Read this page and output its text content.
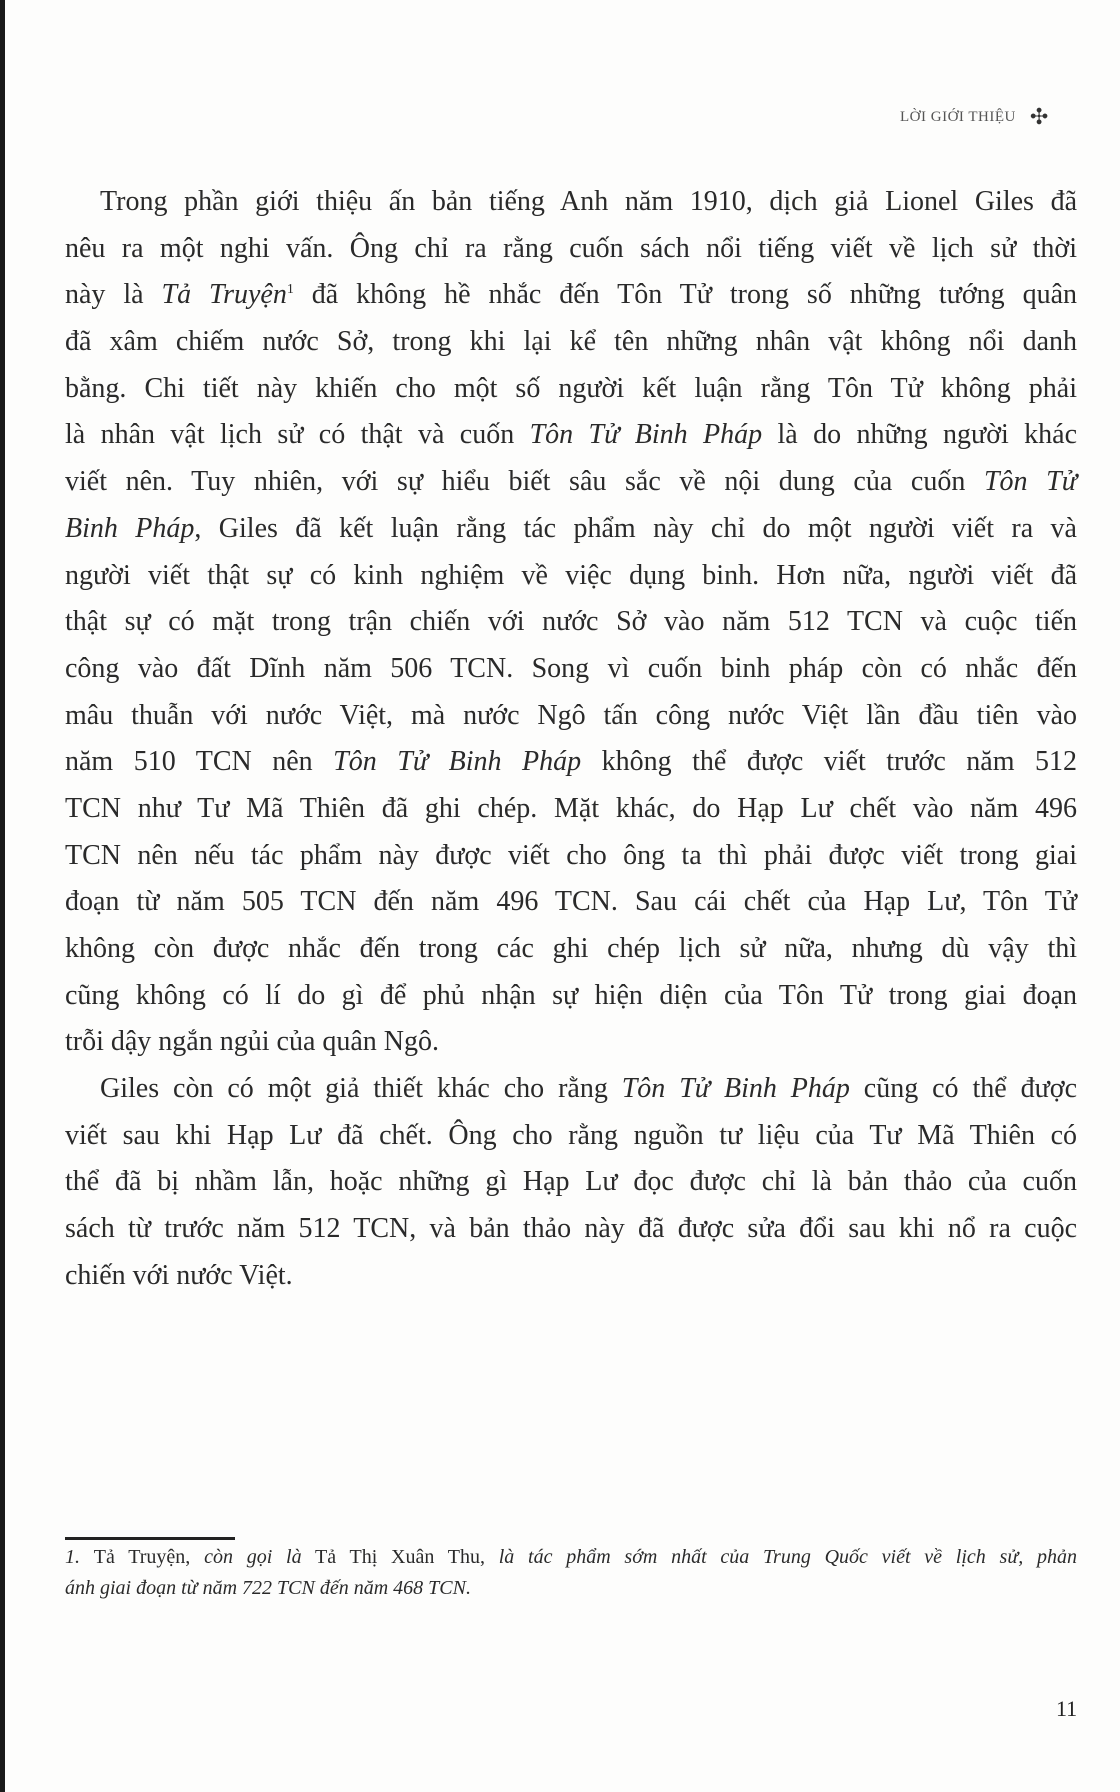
LỜI GIỚI THIỆU ✣
Trong phần giới thiệu ấn bản tiếng Anh năm 1910, dịch giả Lionel Giles đã
nêu ra một nghi vấn. Ông chỉ ra rằng cuốn sách nổi tiếng viết về lịch sử thời
này là Tả Truyện$^1$ đã không hề nhắc đến Tôn Tử trong số những tướng quân
đã xâm chiếm nước Sở, trong khi lại kể tên những nhân vật không nổi danh
bằng. Chi tiết này khiến cho một số người kết luận rằng Tôn Tử không phải
là nhân vật lịch sử có thật và cuốn Tôn Tử Binh Pháp là do những người khác
viết nên. Tuy nhiên, với sự hiểu biết sâu sắc về nội dung của cuốn Tôn Tử
Binh Pháp, Giles đã kết luận rằng tác phẩm này chỉ do một người viết ra và
người viết thật sự có kinh nghiệm về việc dụng binh. Hơn nữa, người viết đã
thật sự có mặt trong trận chiến với nước Sở vào năm 512 TCN và cuộc tiến
công vào đất Dĩnh năm 506 TCN. Song vì cuốn binh pháp còn có nhắc đến
mâu thuẫn với nước Việt, mà nước Ngô tấn công nước Việt lần đầu tiên vào
năm 510 TCN nên Tôn Tử Binh Pháp không thể được viết trước năm 512
TCN như Tư Mã Thiên đã ghi chép. Mặt khác, do Hạp Lư chết vào năm 496
TCN nên nếu tác phẩm này được viết cho ông ta thì phải được viết trong giai
đoạn từ năm 505 TCN đến năm 496 TCN. Sau cái chết của Hạp Lư, Tôn Tử
không còn được nhắc đến trong các ghi chép lịch sử nữa, nhưng dù vậy thì
cũng không có lí do gì để phủ nhận sự hiện diện của Tôn Tử trong giai đoạn
trỗi dậy ngắn ngủi của quân Ngô.
Giles còn có một giả thiết khác cho rằng Tôn Tử Binh Pháp cũng có thể được
viết sau khi Hạp Lư đã chết. Ông cho rằng nguồn tư liệu của Tư Mã Thiên có
thể đã bị nhầm lẫn, hoặc những gì Hạp Lư đọc được chỉ là bản thảo của cuốn
sách từ trước năm 512 TCN, và bản thảo này đã được sửa đổi sau khi nổ ra cuộc
chiến với nước Việt.
1. Tả Truyện, còn gọi là Tả Thị Xuân Thu, là tác phẩm sớm nhất của Trung Quốc viết về lịch sử, phản
ánh giai đoạn từ năm 722 TCN đến năm 468 TCN.
11
